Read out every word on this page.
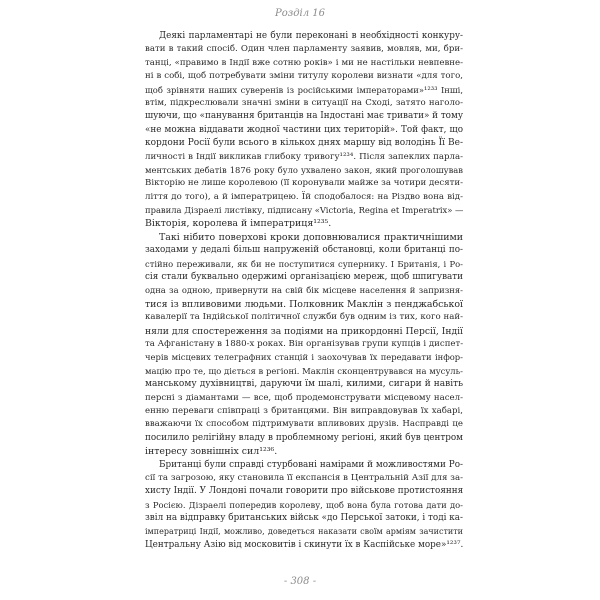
Розділ 16
Деякі парламентарі не були переконані в необхідності конкуру-
вати в такий спосіб. Один член парламенту заявив, мовляв, ми, бри-
танці, «правимо в Індії вже сотню років» і ми не настільки невпевне-
ні в собі, щоб потребувати зміни титулу королеви визнати «для того,
щоб зрівняти наших суверенів із російськими імператорами»¹²³³ Інші,
втім, підкреслювали значні зміни в ситуації на Сході, затято наголо-
шуючи, що «панування британців на Індостані має тривати» й тому
«не можна віддавати жодної частини цих територій». Той факт, що
кордони Росії були всього в кількох днях маршу від володінь Її Ве-
личності в Індії викликав глибоку тривогу¹²³⁴. Після запеклих парла-
ментських дебатів 1876 року було ухвалено закон, який проголошував
Вікторію не лише королевою (її коронували майже за чотири десяти-
ліття до того), а й імператрицею. Їй сподобалося: на Різдво вона від-
правила Дізраелі листівку, підписану «Victoria, Regina et Imperatrix» —
Вікторія, королева й імператриця¹²³⁵.
Такі нібито поверхові кроки доповнювалися практичнішими
заходами у дедалі більш напруженій обстановці, коли британці по-
стійно переживали, як би не поступитися супернику. І Британія, і Ро-
сія стали буквально одержимі організацією мереж, щоб шпигувати
одна за одною, привернути на свій бік місцеве населення й запризня-
тися із впливовими людьми. Полковник Маклін з пенджабської
кавалерії та Індійської політичної служби був одним із тих, кого най-
няли для спостереження за подіями на прикордонні Персії, Індії
та Афганістану в 1880-х роках. Він організував групи купців і диспет-
черів місцевих телеграфних станцій і заохочував їх передавати інфор-
мацію про те, що діється в регіоні. Маклін сконцентрувався на мусуль-
манському духівництві, даруючи їм шалі, килими, сигари й навіть
персні з діамантами — все, щоб продемонструвати місцевому насел-
енню переваги співпраці з британцями. Він виправдовував їх хабарі,
вважаючи їх способом підтримувати впливових друзів. Насправді це
посилило релігійну владу в проблемному регіоні, який був центром
інтересу зовнішніх сил¹²³⁶.
Британці були справді стурбовані намірами й можливостями Ро-
сії та загрозою, яку становила її експансія в Центральній Азії для за-
хисту Індії. У Лондоні почали говорити про військове протистояння
з Росією. Дізраелі попередив королеву, щоб вона була готова дати до-
звіл на відправку британських військ «до Перської затоки, і тоді ка-
імператриці Індії, можливо, доведеться наказати своїм арміям зачистити
Центральну Азію від московитів і скинути їх в Каспійське море»¹²³⁷.
- 308 -
